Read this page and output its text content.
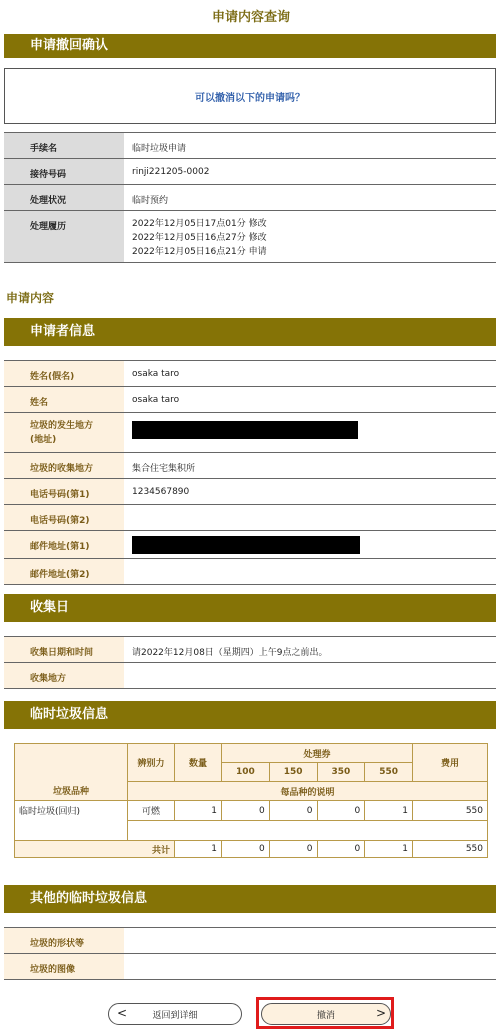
申请内容查询
申请撤回确认
可以撤消以下的申请吗？
手续名	临时垃圾申请
接待号码	rinji221205-0002
处理状况	临时预约
处理履历	2022年12月05日17点01分 修改
2022年12月05日16点27分 修改
2022年12月05日16点21分 申请
申请内容
申请者信息
姓名(假名)	osaka taro
姓名	osaka taro
垃圾的发生地方
(地址)	
垃圾的收集地方	集合住宅集积所
电话号码(第1)	1234567890
电话号码(第2)	
邮件地址(第1)	
邮件地址(第2)	
收集日
收集日期和时间	请2022年12月08日（星期四）上午9点之前出。
收集地方	
临时垃圾信息
垃圾品种	辨别力	数量	处理券				费用
			100	150	350	550	
	每品种的说明						
临时垃圾(回归)	可燃	1	0	0	0	1	550

共计		1	0	0	0	1	550
其他的临时垃圾信息
垃圾的形状等	
垃圾的图像	
<	返回到详细	撤消	>
